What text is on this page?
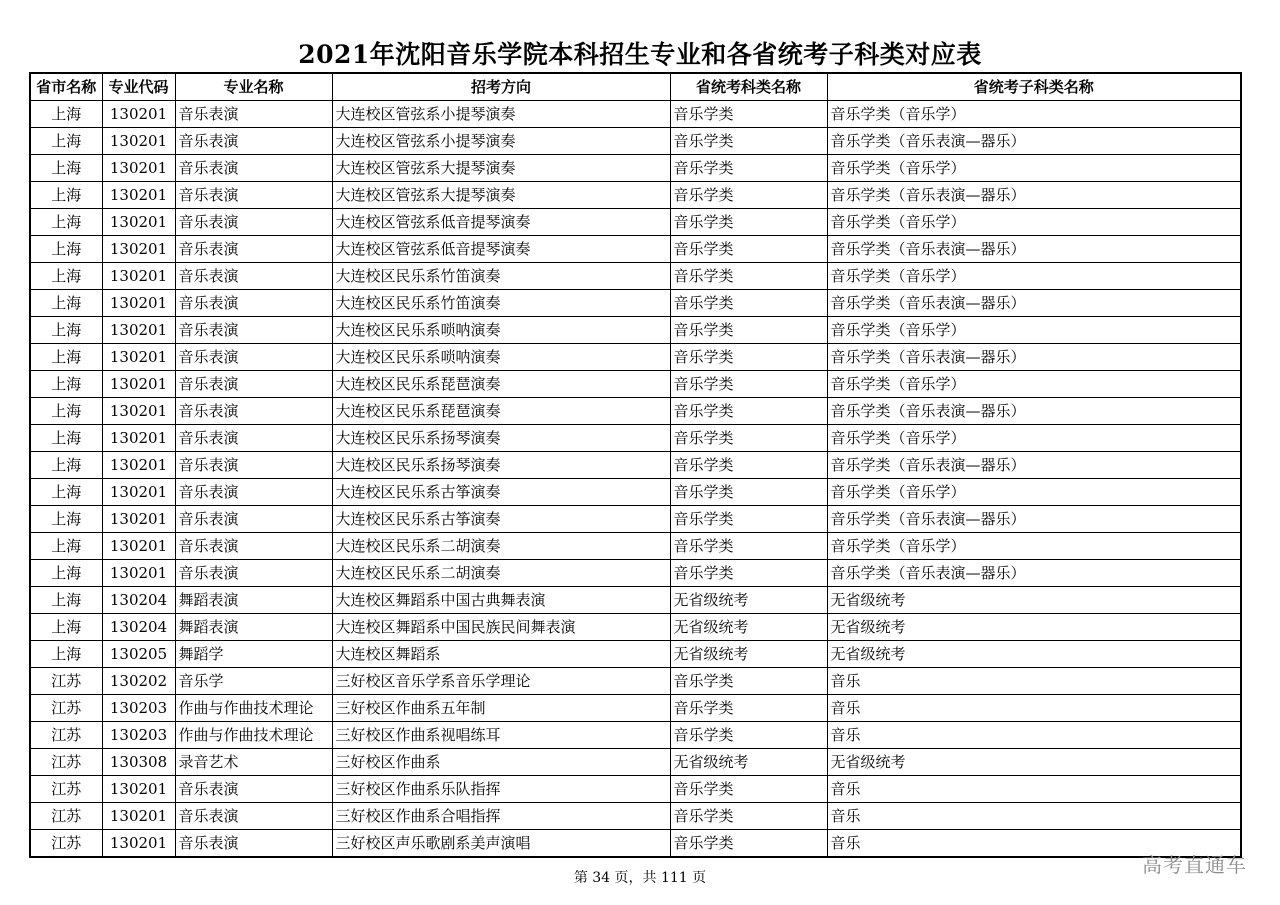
2021年沈阳音乐学院本科招生专业和各省统考子科类对应表
省市名称	专业代码	专业名称	招考方向	省统考科类名称	省统考子科类名称
上海	130201	音乐表演	大连校区管弦系小提琴演奏	音乐学类	音乐学类（音乐学）
上海	130201	音乐表演	大连校区管弦系小提琴演奏	音乐学类	音乐学类（音乐表演—器乐）
上海	130201	音乐表演	大连校区管弦系大提琴演奏	音乐学类	音乐学类（音乐学）
上海	130201	音乐表演	大连校区管弦系大提琴演奏	音乐学类	音乐学类（音乐表演—器乐）
上海	130201	音乐表演	大连校区管弦系低音提琴演奏	音乐学类	音乐学类（音乐学）
上海	130201	音乐表演	大连校区管弦系低音提琴演奏	音乐学类	音乐学类（音乐表演—器乐）
上海	130201	音乐表演	大连校区民乐系竹笛演奏	音乐学类	音乐学类（音乐学）
上海	130201	音乐表演	大连校区民乐系竹笛演奏	音乐学类	音乐学类（音乐表演—器乐）
上海	130201	音乐表演	大连校区民乐系唢呐演奏	音乐学类	音乐学类（音乐学）
上海	130201	音乐表演	大连校区民乐系唢呐演奏	音乐学类	音乐学类（音乐表演—器乐）
上海	130201	音乐表演	大连校区民乐系琵琶演奏	音乐学类	音乐学类（音乐学）
上海	130201	音乐表演	大连校区民乐系琵琶演奏	音乐学类	音乐学类（音乐表演—器乐）
上海	130201	音乐表演	大连校区民乐系扬琴演奏	音乐学类	音乐学类（音乐学）
上海	130201	音乐表演	大连校区民乐系扬琴演奏	音乐学类	音乐学类（音乐表演—器乐）
上海	130201	音乐表演	大连校区民乐系古筝演奏	音乐学类	音乐学类（音乐学）
上海	130201	音乐表演	大连校区民乐系古筝演奏	音乐学类	音乐学类（音乐表演—器乐）
上海	130201	音乐表演	大连校区民乐系二胡演奏	音乐学类	音乐学类（音乐学）
上海	130201	音乐表演	大连校区民乐系二胡演奏	音乐学类	音乐学类（音乐表演—器乐）
上海	130204	舞蹈表演	大连校区舞蹈系中国古典舞表演	无省级统考	无省级统考
上海	130204	舞蹈表演	大连校区舞蹈系中国民族民间舞表演	无省级统考	无省级统考
上海	130205	舞蹈学	大连校区舞蹈系	无省级统考	无省级统考
江苏	130202	音乐学	三好校区音乐学系音乐学理论	音乐学类	音乐
江苏	130203	作曲与作曲技术理论	三好校区作曲系五年制	音乐学类	音乐
江苏	130203	作曲与作曲技术理论	三好校区作曲系视唱练耳	音乐学类	音乐
江苏	130308	录音艺术	三好校区作曲系	无省级统考	无省级统考
江苏	130201	音乐表演	三好校区作曲系乐队指挥	音乐学类	音乐
江苏	130201	音乐表演	三好校区作曲系合唱指挥	音乐学类	音乐
江苏	130201	音乐表演	三好校区声乐歌剧系美声演唱	音乐学类	音乐
第 34 页，共 111 页
高考直通车
